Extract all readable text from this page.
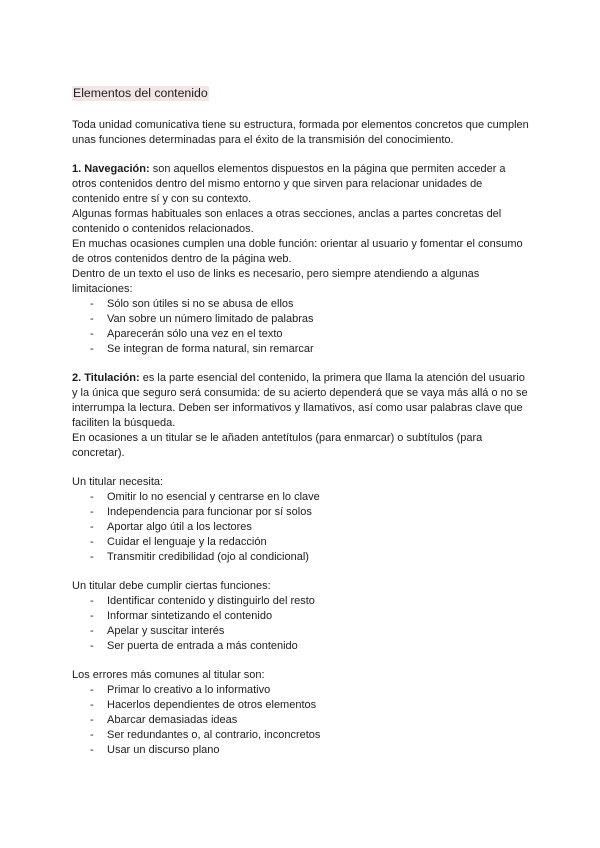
Elementos del contenido

Toda unidad comunicativa tiene su estructura, formada por elementos concretos que cumplen unas funciones determinadas para el éxito de la transmisión del conocimiento.

1. Navegación: son aquellos elementos dispuestos en la página que permiten acceder a otros contenidos dentro del mismo entorno y que sirven para relacionar unidades de contenido entre sí y con su contexto.

Algunas formas habituales son enlaces a otras secciones, anclas a partes concretas del contenido o contenidos relacionados.

En muchas ocasiones cumplen una doble función: orientar al usuario y fomentar el consumo de otros contenidos dentro de la página web.

Dentro de un texto el uso de links es necesario, pero siempre atendiendo a algunas limitaciones:

- Sólo son útiles si no se abusa de ellos
- Van sobre un número limitado de palabras
- Aparecerán sólo una vez en el texto
- Se integran de forma natural, sin remarcar

2. Titulación: es la parte esencial del contenido, la primera que llama la atención del usuario y la única que seguro será consumida: de su acierto dependerá que se vaya más allá o no se interrumpa la lectura. Deben ser informativos y llamativos, así como usar palabras clave que faciliten la búsqueda.

En ocasiones a un titular se le añaden antetítulos (para enmarcar) o subtítulos (para concretar).

Un titular necesita:

- Omitir lo no esencial y centrarse en lo clave
- Independencia para funcionar por sí solos
- Aportar algo útil a los lectores
- Cuidar el lenguaje y la redacción
- Transmitir credibilidad (ojo al condicional)

Un titular debe cumplir ciertas funciones:

- Identificar contenido y distinguirlo del resto
- Informar sintetizando el contenido
- Apelar y suscitar interés
- Ser puerta de entrada a más contenido

Los errores más comunes al titular son:

- Primar lo creativo a lo informativo
- Hacerlos dependientes de otros elementos
- Abarcar demasiadas ideas
- Ser redundantes o, al contrario, inconcretos
- Usar un discurso plano
